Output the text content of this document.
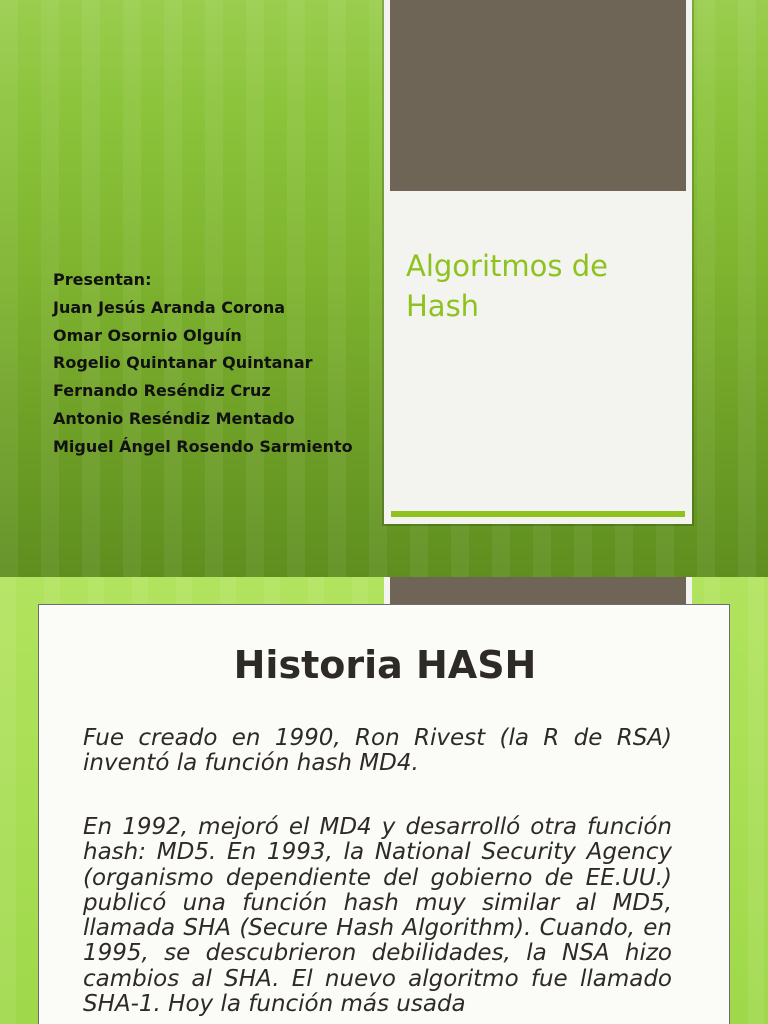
Algoritmos de Hash
Presentan:
Juan Jesús Aranda Corona
Omar Osornio Olguín
Rogelio Quintanar Quintanar
Fernando Reséndiz Cruz
Antonio Reséndiz Mentado
Miguel Ángel Rosendo Sarmiento
Historia HASH

Fue creado en 1990, Ron Rivest (la R de RSA) inventó la función hash MD4.

En 1992, mejoró el MD4 y desarrolló otra función hash: MD5. En 1993, la National Security Agency (organismo dependiente del gobierno de EE.UU.) publicó una función hash muy similar al MD5, llamada SHA (Secure Hash Algorithm). Cuando, en 1995, se descubrieron debilidades, la NSA hizo cambios al SHA. El nuevo algoritmo fue llamado SHA-1. Hoy la función más usada
